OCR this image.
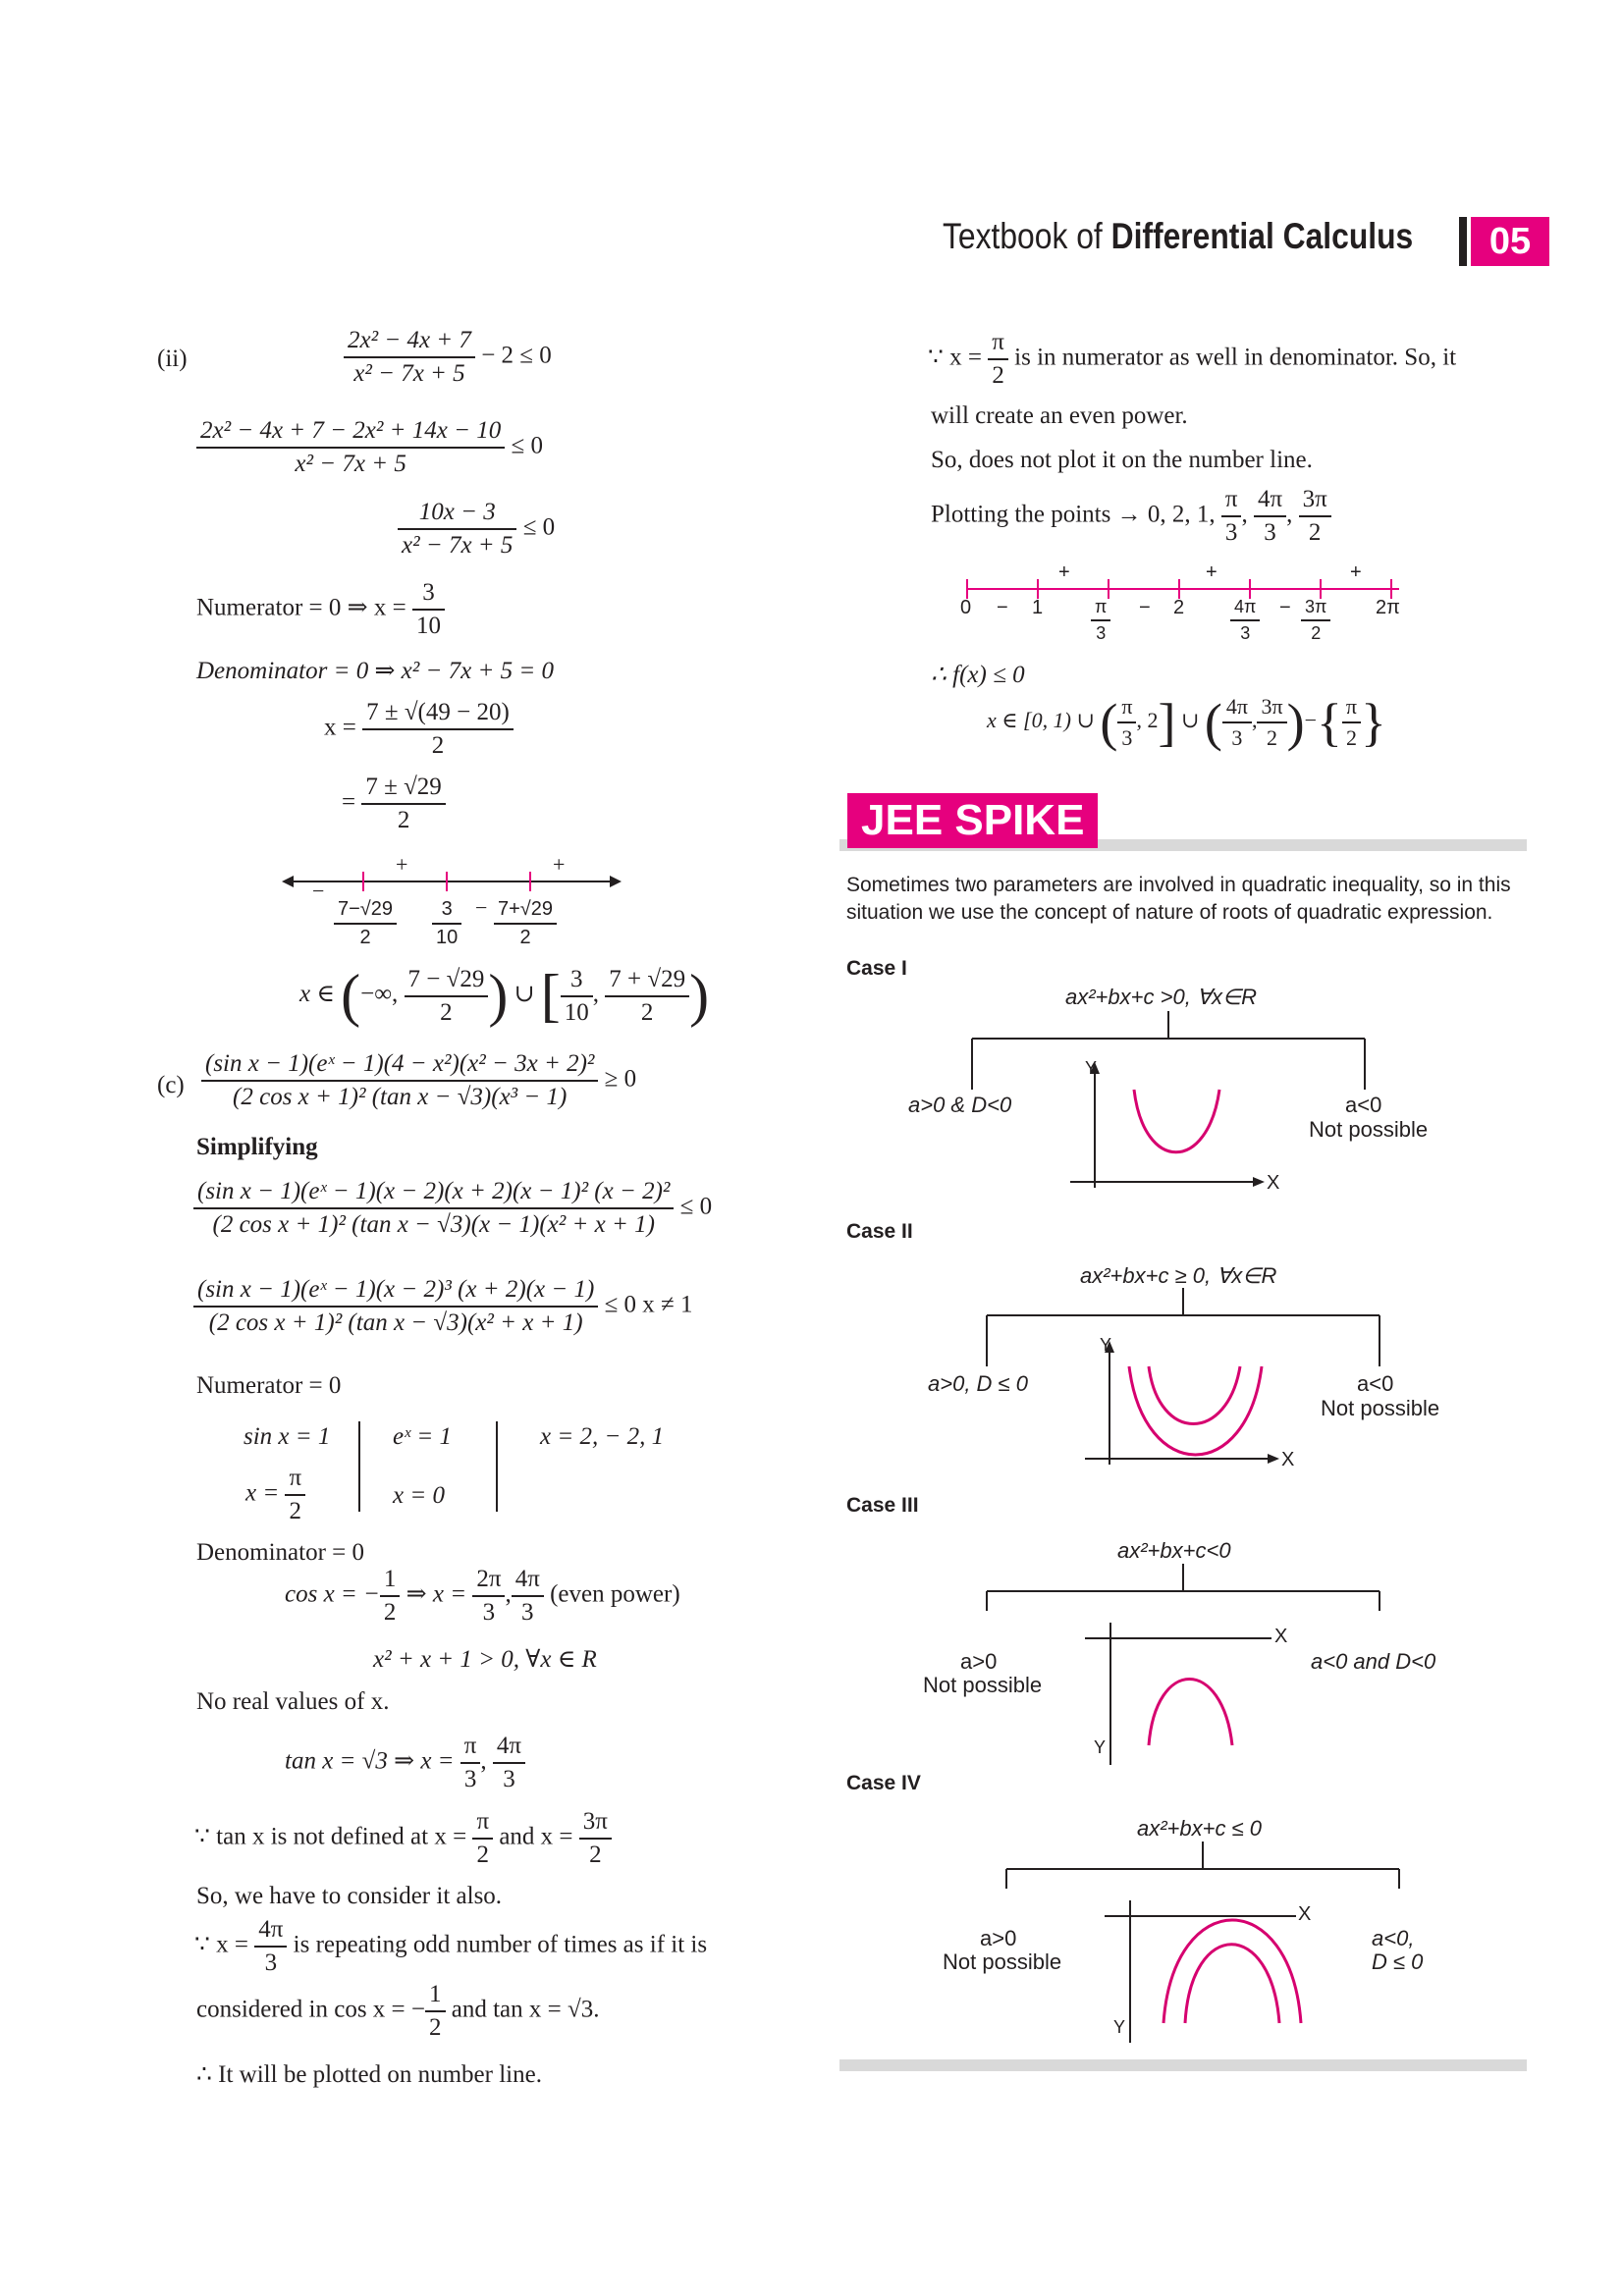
Textbook of Differential Calculus	05
(ii)	$\frac{\text{2x² − 4x + 7}}{\text{x² − 7x + 5}} - 2 \le 0$
$\frac{\text{2x² − 4x + 7 − 2x² + 14x − 10}}{\text{x² − 7x + 5}} \le 0$
$\frac{10x - 3}{\text{x² − 7x + 5}} \le 0$
Numerator = 0 ⇒ $x = \frac{3}{10}$
Denominator = 0 ⇒ x² − 7x + 5 = 0
$x = \frac{7 \pm √(49 - 20)}{2}$
= $\frac{7 \pm √29}{2}$
+	+
−
−
$\frac{7-√29}{2} \frac{3}{10} \frac{7+√29}{2}$
x ∈ (−∞, $\frac{7 - √29}{2}$ ) ∪ [ $\frac{3}{10}$ , $\frac{7 + √29}{2}$ )
$(c) \frac{\text{(sin x − 1)(eˣ − 1)(4 − x²)(x² − 3x + 2)²}}{\text{(2 cos x + 1)² (tan x − √3)(x³ − 1)}} \ge 0$
Simplifying
$\frac{\text{(sin x − 1)(eˣ − 1)(x − 2)(x + 2)(x − 1)² (x − 2)²}}{\text{(2 cos x + 1)² (tan x − √3)(x − 1)(x² + x + 1)}} \le 0$
$\frac{\text{(sin x − 1)(eˣ − 1)(x − 2)³ (x + 2)(x − 1)}}{\text{(2 cos x + 1)² (tan x − √3)(x² + x + 1)}} \le 0$ x ≠ 1
Numerator = 0
sin x = 1
$x = \frac{\pi}{2}$
eˣ = 1
x = 0
x = 2, − 2, 1
Denominator = 0
cos x = − $\frac{1}{2}$ ⇒ $x = \frac{2\pi}{3}$ , $\frac{4\pi}{3}$ (even power)
x² + x + 1 > 0, ∀x ∈ R
No real values of x.
tan x = √3 ⇒ $x = \frac{\pi}{3}$ , $\frac{4\pi}{3}$
∵ tan x is not defined at $x = \frac{\pi}{2}$ and $x = \frac{3\pi}{2}$
So, we have to consider it also.
∵ $x = \frac{4\pi}{3}$ is repeating odd number of times as if it is
considered in cos x = − $\frac{1}{2}$ and tan x = √3.
∴ It will be plotted on number line.
∵ $x = \frac{\pi}{2}$ is in numerator as well in denominator. So, it
will create an even power.
So, does not plot it on the number line.
Plotting the points → 0, 2, 1, $\frac{\pi}{3}$ , $\frac{4\pi}{3}$ , $\frac{3\pi}{2}$
+	+	+
−	−	−
0	1	$\frac{\pi}{3}$	2	$\frac{4\pi}{3} \frac{3\pi}{2} 2\pi$
∴ f(x) ≤ 0
x ∈ [0, 1) ∪ ( $\frac{\pi}{3}$ , 2] ∪ ( $\frac{4\pi}{3}$ , $\frac{3\pi}{2}$ )−{ $\frac{\pi}{2}$ }
JEE SPIKE
Sometimes two parameters are involved in quadratic inequality, so in this situation we use the concept of nature of roots of quadratic expression.
Case I
ax²+bx+c >0, ∀x∈R
Y
X
a>0 & D<0	a<0
Not possible
Case II
ax²+bx+c ≥ 0, ∀x∈R
Y
X
a>0, D ≤ 0	a<0
Not possible
Case III
ax²+bx+c<0
X
Y
a>0
Not possible
a<0 and D<0
Case IV
ax²+bx+c ≤ 0
X
Y
a>0
Not possible
a<0,
D ≤ 0
